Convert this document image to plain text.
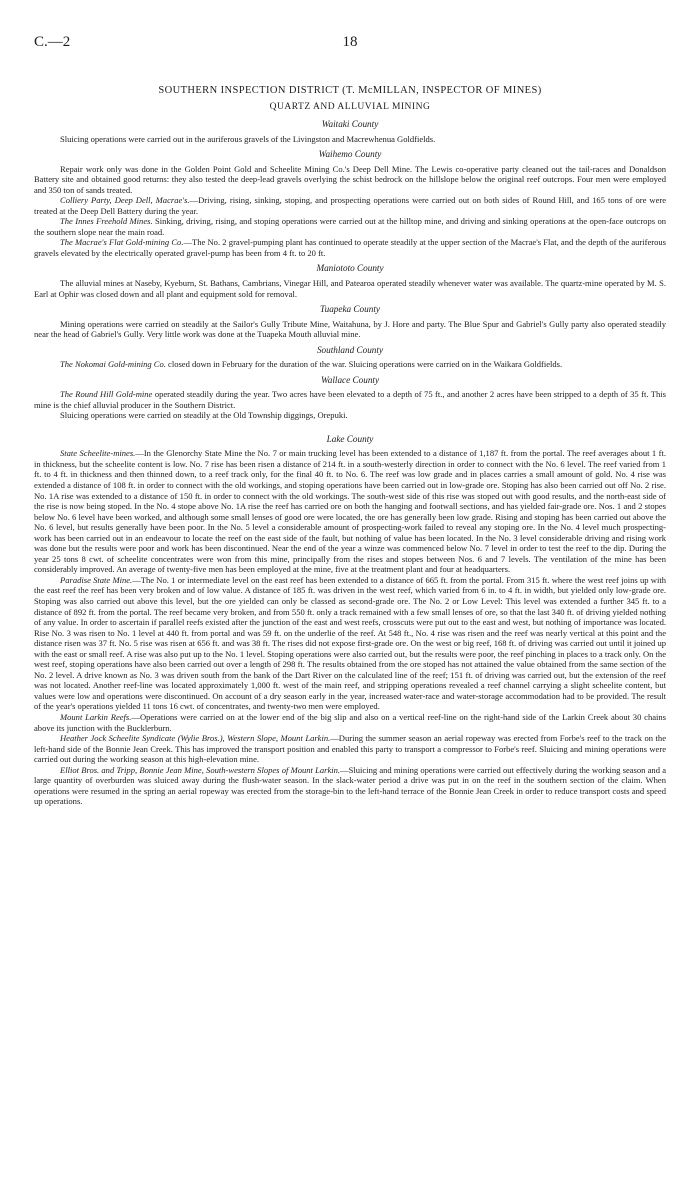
C.—2	18
SOUTHERN INSPECTION DISTRICT (T. McMILLAN, INSPECTOR OF MINES)
QUARTZ AND ALLUVIAL MINING
Waitaki County

Sluicing operations were carried out in the auriferous gravels of the Livingston and Macrewhenua Goldfields.

Waihemo County

Repair work only was done in the Golden Point Gold and Scheelite Mining Co.'s Deep Dell Mine. The Lewis co-operative party cleaned out the tail-races and Donaldson Battery site and obtained good returns: they also tested the deep-lead gravels overlying the schist bedrock on the hillslope below the original reef outcrops. Four men were employed and 350 ton of sands treated.

Colliery Party, Deep Dell, Macrae's.—Driving, rising, sinking, stoping, and prospecting operations were carried out on both sides of Round Hill, and 165 tons of ore were treated at the Deep Dell Battery during the year.

The Innes Freehold Mines. Sinking, driving, rising, and stoping operations were carried out at the hilltop mine, and driving and sinking operations at the open-face outcrops on the southern slope near the main road.

The Macrae's Flat Gold-mining Co.—The No. 2 gravel-pumping plant has continued to operate steadily at the upper section of the Macrae's Flat, and the depth of the auriferous gravels elevated by the electrically operated gravel-pump has been from 4 ft. to 20 ft.

Maniototo County

The alluvial mines at Naseby, Kyeburn, St. Bathans, Cambrians, Vinegar Hill, and Patearoa operated steadily whenever water was available. The quartz-mine operated by M. S. Earl at Ophir was closed down and all plant and equipment sold for removal.

Tuapeka County

Mining operations were carried on steadily at the Sailor's Gully Tribute Mine, Waitahuna, by J. Hore and party. The Blue Spur and Gabriel's Gully party also operated steadily near the head of Gabriel's Gully. Very little work was done at the Tuapeka Mouth alluvial mine.

Southland County

The Nokomai Gold-mining Co. closed down in February for the duration of the war. Sluicing operations were carried on in the Waikara Goldfields.

Wallace County

The Round Hill Gold-mine operated steadily during the year. Two acres have been elevated to a depth of 75 ft., and another 2 acres have been stripped to a depth of 35 ft. This mine is the chief alluvial producer in the Southern District.

Sluicing operations were carried on steadily at the Old Township diggings, Orepuki.

Lake County

State Scheelite-mines.—In the Glenorchy State Mine the No. 7 or main trucking level has been extended to a distance of 1,187 ft. from the portal. The reef averages about 1 ft. in thickness, but the scheelite content is low. No. 7 rise has been risen a distance of 214 ft. in a south-westerly direction in order to connect with the No. 6 level. The reef varied from 1 ft. to 4 ft. in thickness and then thinned down, to a reef track only, for the final 40 ft. to No. 6. The reef was low grade and in places carries a small amount of gold. No. 4 rise was extended a distance of 108 ft. in order to connect with the old workings, and stoping operations have been carried out in low-grade ore. Stoping has also been carried out off No. 2 rise. No. 1A rise was extended to a distance of 150 ft. in order to connect with the old workings. The south-west side of this rise was stoped out with good results, and the north-east side of the rise is now being stoped. In the No. 4 stope above No. 1A rise the reef has carried ore on both the hanging and footwall sections, and has yielded fair-grade ore. Nos. 1 and 2 stopes below No. 6 level have been worked, and although some small lenses of good ore were located, the ore has generally been low grade. Rising and stoping has been carried out above the No. 6 level, but results generally have been poor. In the No. 5 level a considerable amount of prospecting-work failed to reveal any stoping ore. In the No. 4 level much prospecting-work has been carried out in an endeavour to locate the reef on the east side of the fault, but nothing of value has been located. In the No. 3 level considerable driving and rising work was done but the results were poor and work has been discontinued. Near the end of the year a winze was commenced below No. 7 level in order to test the reef to the dip. During the year 25 tons 8 cwt. of scheelite concentrates were won from this mine, principally from the rises and stopes between Nos. 6 and 7 levels. The ventilation of the mine has been considerably improved. An average of twenty-five men has been employed at the mine, five at the treatment plant and four at headquarters.

Paradise State Mine.—The No. 1 or intermediate level on the east reef has been extended to a distance of 665 ft. from the portal. From 315 ft. where the west reef joins up with the east reef the reef has been very broken and of low value. A distance of 185 ft. was driven in the west reef, which varied from 6 in. to 4 ft. in width, but yielded only low-grade ore. Stoping was also carried out above this level, but the ore yielded can only be classed as second-grade ore. The No. 2 or Low Level: This level was extended a further 345 ft. to a distance of 892 ft. from the portal. The reef became very broken, and from 550 ft. only a track remained with a few small lenses of ore, so that the last 340 ft. of driving yielded nothing of any value. In order to ascertain if parallel reefs existed after the junction of the east and west reefs, crosscuts were put out to the east and west, but nothing of importance was located. Rise No. 3 was risen to No. 1 level at 440 ft. from portal and was 59 ft. on the underlie of the reef. At 548 ft., No. 4 rise was risen and the reef was nearly vertical at this point and the distance risen was 37 ft. No. 5 rise was risen at 656 ft. and was 38 ft. The rises did not expose first-grade ore. On the west or big reef, 168 ft. of driving was carried out until it joined up with the east or small reef. A rise was also put up to the No. 1 level. Stoping operations were also carried out, but the results were poor, the reef pinching in places to a track only. On the west reef, stoping operations have also been carried out over a length of 298 ft. The results obtained from the ore stoped has not attained the value obtained from the same section of the No. 2 level. A drive known as No. 3 was driven south from the bank of the Dart River on the calculated line of the reef; 151 ft. of driving was carried out, but the extension of the reef was not located. Another reef-line was located approximately 1,000 ft. west of the main reef, and stripping operations revealed a reef channel carrying a slight scheelite content, but values were low and operations were discontinued. On account of a dry season early in the year, increased water-race and water-storage accommodation had to be provided. The result of the year's operations yielded 11 tons 16 cwt. of concentrates, and twenty-two men were employed.

Mount Larkin Reefs.—Operations were carried on at the lower end of the big slip and also on a vertical reef-line on the right-hand side of the Larkin Creek about 30 chains above its junction with the Bucklerburn.

Heather Jock Scheelite Syndicate (Wylie Bros.), Western Slope, Mount Larkin.—During the summer season an aerial ropeway was erected from Forbe's reef to the track on the left-hand side of the Bonnie Jean Creek. This has improved the transport position and enabled this party to transport a compressor to Forbe's reef. Sluicing and mining operations were carried out during the working season at this high-elevation mine.

Elliot Bros. and Tripp, Bonnie Jean Mine, South-western Slopes of Mount Larkin.—Sluicing and mining operations were carried out effectively during the working season and a large quantity of overburden was sluiced away during the flush-water season. In the slack-water period a drive was put in on the reef in the southern section of the claim. When operations were resumed in the spring an aerial ropeway was erected from the storage-bin to the left-hand terrace of the Bonnie Jean Creek in order to reduce transport costs and speed up operations.
